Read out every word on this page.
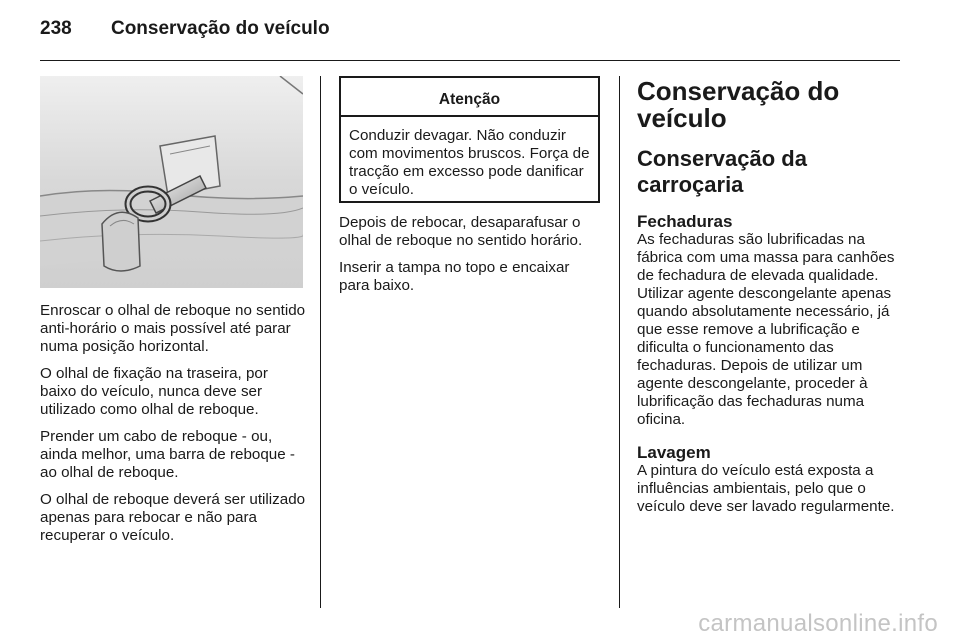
238 Conservação do veículo

Enroscar o olhal de reboque no sentido anti-horário o mais possível até parar numa posição horizontal.

O olhal de fixação na traseira, por baixo do veículo, nunca deve ser utilizado como olhal de reboque.

Prender um cabo de reboque - ou, ainda melhor, uma barra de reboque - ao olhal de reboque.

O olhal de reboque deverá ser utilizado apenas para rebocar e não para recuperar o veículo.

Atenção
Conduzir devagar. Não conduzir com movimentos bruscos. Força de tracção em excesso pode danificar o veículo.

Depois de rebocar, desaparafusar o olhal de reboque no sentido horário.

Inserir a tampa no topo e encaixar para baixo.

Conservação do veículo
Conservação da carroçaria
Fechaduras

As fechaduras são lubrificadas na fábrica com uma massa para canhões de fechadura de elevada qualidade. Utilizar agente descongelante apenas quando absolutamente necessário, já que esse remove a lubrificação e dificulta o funcionamento das fechaduras. Depois de utilizar um agente descongelante, proceder à lubrificação das fechaduras numa oficina.

Lavagem

A pintura do veículo está exposta a influências ambientais, pelo que o veículo deve ser lavado regularmente.

carmanualsonline.info
